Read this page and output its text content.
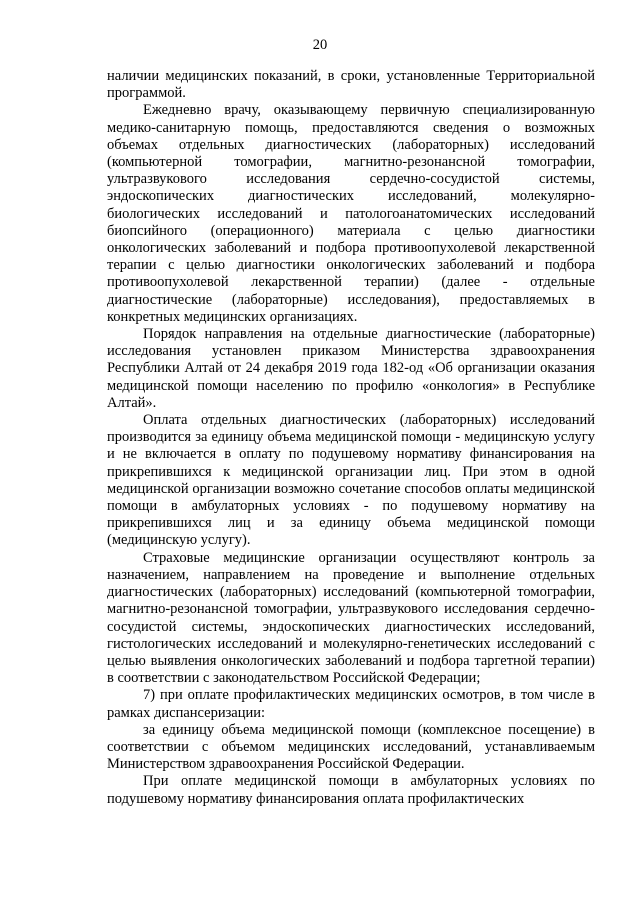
20

наличии медицинских показаний, в сроки, установленные Территориальной программой.

Ежедневно врачу, оказывающему первичную специализированную медико-санитарную помощь, предоставляются сведения о возможных объемах отдельных диагностических (лабораторных) исследований (компьютерной томографии, магнитно-резонансной томографии, ультразвукового исследования сердечно-сосудистой системы, эндоскопических диагностических исследований, молекулярно-биологических исследований и патологоанатомических исследований биопсийного (операционного) материала с целью диагностики онкологических заболеваний и подбора противоопухолевой лекарственной терапии с целью диагностики онкологических заболеваний и подбора противоопухолевой лекарственной терапии) (далее - отдельные диагностические (лабораторные) исследования), предоставляемых в конкретных медицинских организациях.

Порядок направления на отдельные диагностические (лабораторные) исследования установлен приказом Министерства здравоохранения Республики Алтай от 24 декабря 2019 года 182-од «Об организации оказания медицинской помощи населению по профилю «онкология» в Республике Алтай».

Оплата отдельных диагностических (лабораторных) исследований производится за единицу объема медицинской помощи - медицинскую услугу и не включается в оплату по подушевому нормативу финансирования на прикрепившихся к медицинской организации лиц. При этом в одной медицинской организации возможно сочетание способов оплаты медицинской помощи в амбулаторных условиях - по подушевому нормативу на прикрепившихся лиц и за единицу объема медицинской помощи (медицинскую услугу).

Страховые медицинские организации осуществляют контроль за назначением, направлением на проведение и выполнение отдельных диагностических (лабораторных) исследований (компьютерной томографии, магнитно-резонансной томографии, ультразвукового исследования сердечно-сосудистой системы, эндоскопических диагностических исследований, гистологических исследований и молекулярно-генетических исследований с целью выявления онкологических заболеваний и подбора таргетной терапии) в соответствии с законодательством Российской Федерации;

7) при оплате профилактических медицинских осмотров, в том числе в рамках диспансеризации:

за единицу объема медицинской помощи (комплексное посещение) в соответствии с объемом медицинских исследований, устанавливаемым Министерством здравоохранения Российской Федерации.

При оплате медицинской помощи в амбулаторных условиях по подушевому нормативу финансирования оплата профилактических
